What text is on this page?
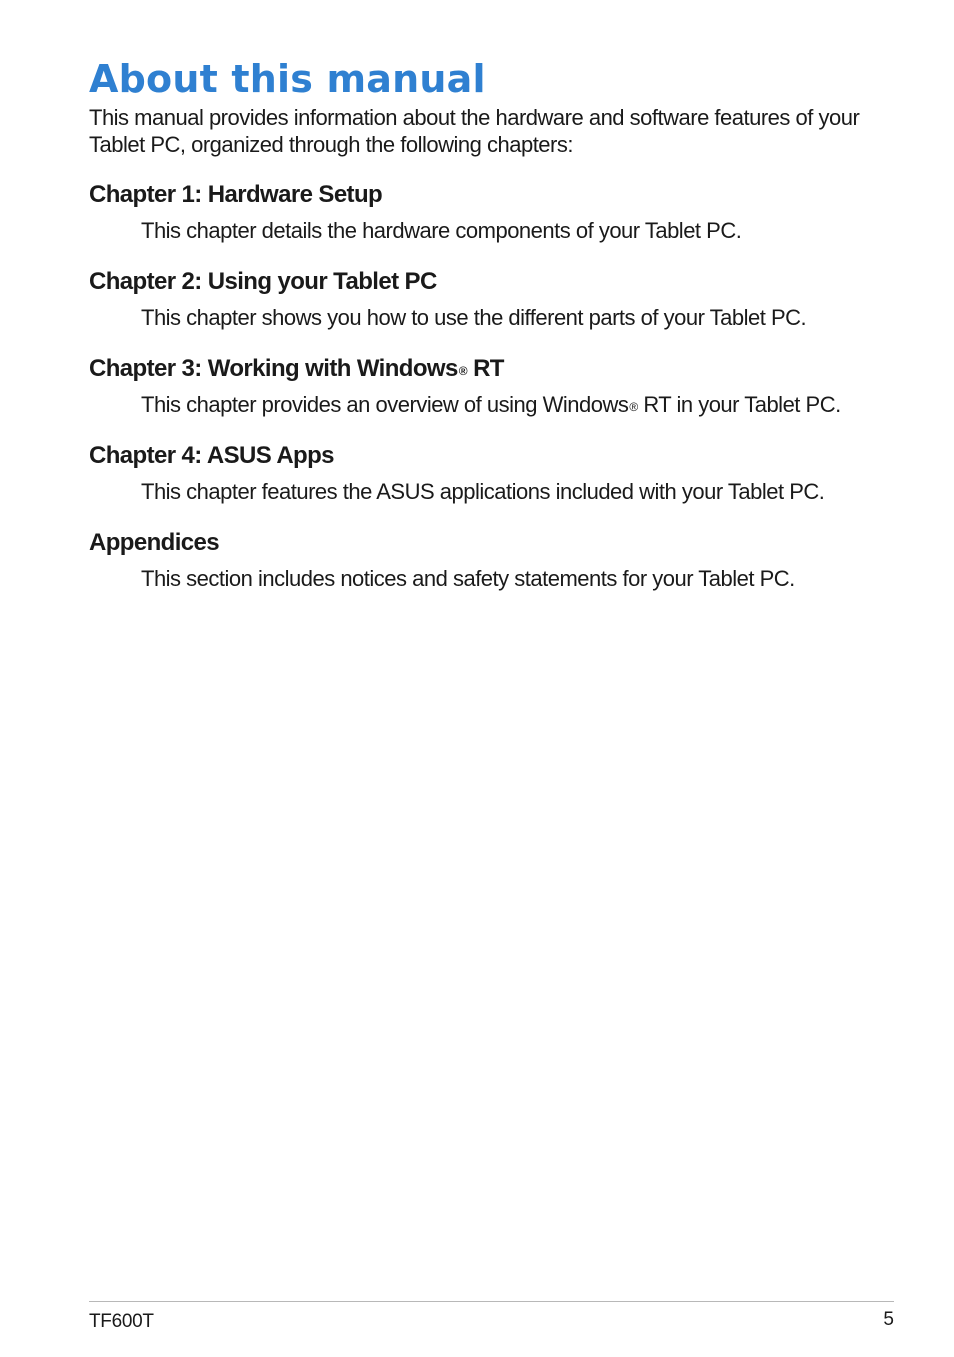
About this manual

This manual provides information about the hardware and software features of your Tablet PC, organized through the following chapters:

Chapter 1: Hardware Setup

This chapter details the hardware components of your Tablet PC.

Chapter 2: Using your Tablet PC

This chapter shows you how to use the different parts of your Tablet PC.

Chapter 3: Working with Windows® RT

This chapter provides an overview of using Windows® RT in your Tablet PC.

Chapter 4: ASUS Apps

This chapter features the ASUS applications included with your Tablet PC.

Appendices

This section includes notices and safety statements for your Tablet PC.

TF600T	5
